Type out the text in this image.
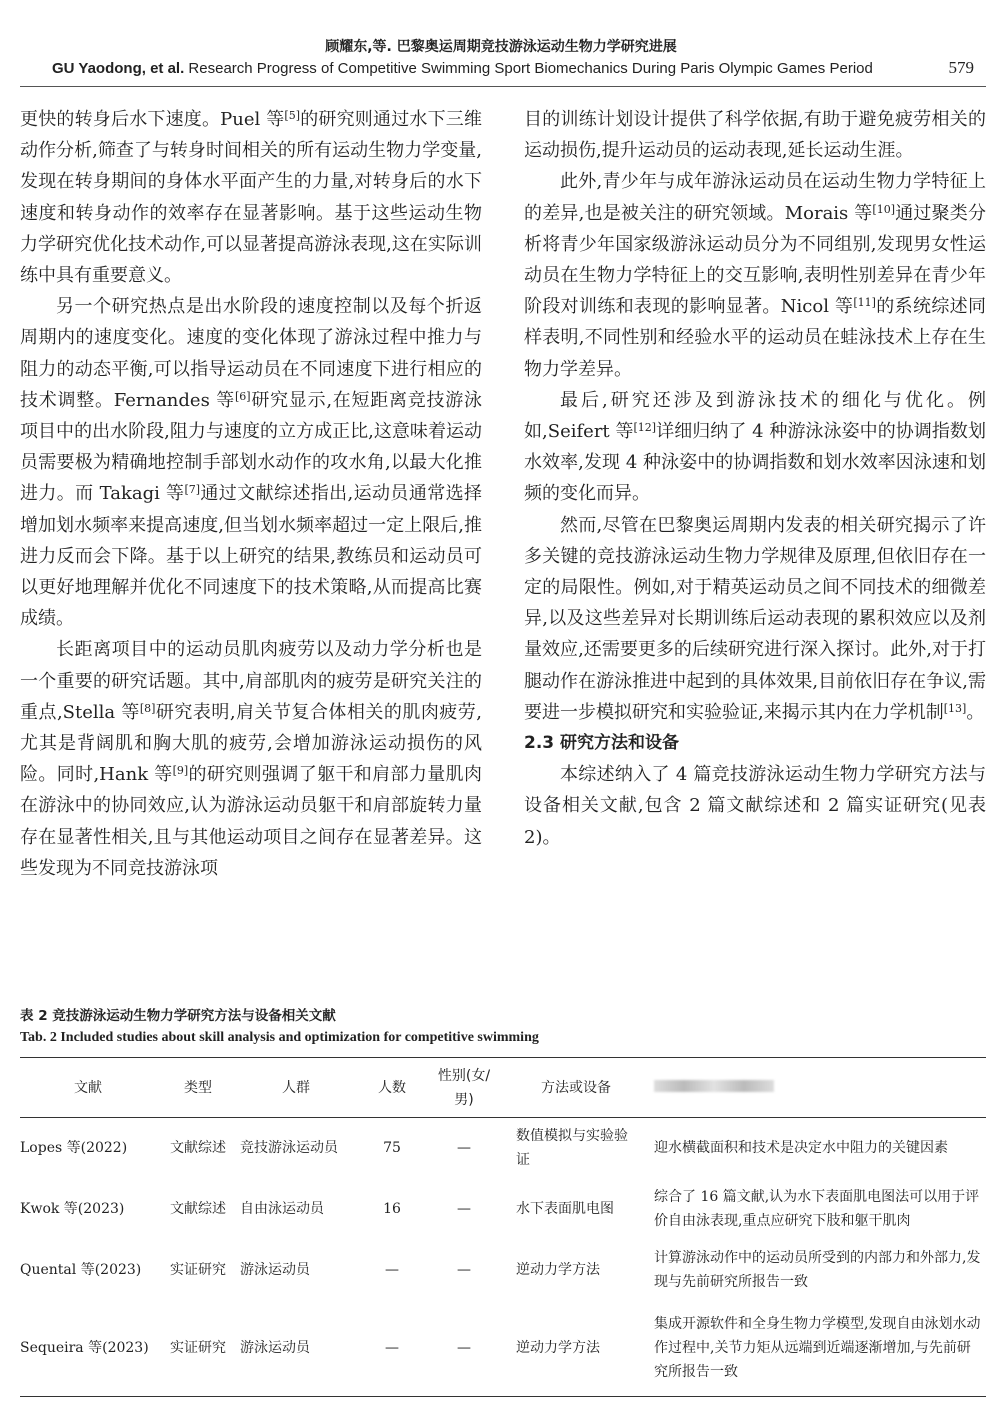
顾耀东,等. 巴黎奥运周期竞技游泳运动生物力学研究进展
GU Yaodong, et al. Research Progress of Competitive Swimming Sport Biomechanics During Paris Olympic Games Period	579

更快的转身后水下速度。Puel 等[5]的研究则通过水下三维动作分析,筛查了与转身时间相关的所有运动生物力学变量,发现在转身期间的身体水平面产生的力量,对转身后的水下速度和转身动作的效率存在显著影响。基于这些运动生物力学研究优化技术动作,可以显著提高游泳表现,这在实际训练中具有重要意义。

另一个研究热点是出水阶段的速度控制以及每个折返周期内的速度变化。速度的变化体现了游泳过程中推力与阻力的动态平衡,可以指导运动员在不同速度下进行相应的技术调整。Fernandes 等[6]研究显示,在短距离竞技游泳项目中的出水阶段,阻力与速度的立方成正比,这意味着运动员需要极为精确地控制手部划水动作的攻水角,以最大化推进力。而 Takagi 等[7]通过文献综述指出,运动员通常选择增加划水频率来提高速度,但当划水频率超过一定上限后,推进力反而会下降。基于以上研究的结果,教练员和运动员可以更好地理解并优化不同速度下的技术策略,从而提高比赛成绩。

长距离项目中的运动员肌肉疲劳以及动力学分析也是一个重要的研究话题。其中,肩部肌肉的疲劳是研究关注的重点,Stella 等[8]研究表明,肩关节复合体相关的肌肉疲劳,尤其是背阔肌和胸大肌的疲劳,会增加游泳运动损伤的风险。同时,Hank 等[9]的研究则强调了躯干和肩部力量肌肉在游泳中的协同效应,认为游泳运动员躯干和肩部旋转力量存在显著性相关,且与其他运动项目之间存在显著差异。这些发现为不同竞技游泳项

目的训练计划设计提供了科学依据,有助于避免疲劳相关的运动损伤,提升运动员的运动表现,延长运动生涯。

此外,青少年与成年游泳运动员在运动生物力学特征上的差异,也是被关注的研究领域。Morais 等[10]通过聚类分析将青少年国家级游泳运动员分为不同组别,发现男女性运动员在生物力学特征上的交互影响,表明性别差异在青少年阶段对训练和表现的影响显著。Nicol 等[11]的系统综述同样表明,不同性别和经验水平的运动员在蛙泳技术上存在生物力学差异。

最后,研究还涉及到游泳技术的细化与优化。例如,Seifert 等[12]详细归纳了 4 种游泳泳姿中的协调指数划水效率,发现 4 种泳姿中的协调指数和划水效率因泳速和划频的变化而异。

然而,尽管在巴黎奥运周期内发表的相关研究揭示了许多关键的竞技游泳运动生物力学规律及原理,但依旧存在一定的局限性。例如,对于精英运动员之间不同技术的细微差异,以及这些差异对长期训练后运动表现的累积效应以及剂量效应,还需要更多的后续研究进行深入探讨。此外,对于打腿动作在游泳推进中起到的具体效果,目前依旧存在争议,需要进一步模拟研究和实验验证,来揭示其内在力学机制[13]。

2.3 研究方法和设备

本综述纳入了 4 篇竞技游泳运动生物力学研究方法与设备相关文献,包含 2 篇文献综述和 2 篇实证研究(见表 2)。

表 2 竞技游泳运动生物力学研究方法与设备相关文献
Tab. 2 Included studies about skill analysis and optimization for competitive swimming
文献	类型	人群	人数	性别(女/男)	方法或设备	
Lopes 等(2022)	文献综述	竞技游泳运动员	75	—	数值模拟与实验验证	迎水横截面积和技术是决定水中阻力的关键因素
Kwok 等(2023)	文献综述	自由泳运动员	16	—	水下表面肌电图	综合了 16 篇文献,认为水下表面肌电图法可以用于评价自由泳表现,重点应研究下肢和躯干肌肉
Quental 等(2023)	实证研究	游泳运动员	—	—	逆动力学方法	计算游泳动作中的运动员所受到的内部力和外部力,发现与先前研究所报告一致
Sequeira 等(2023)	实证研究	游泳运动员	—	—	逆动力学方法	集成开源软件和全身生物力学模型,发现自由泳划水动作过程中,关节力矩从远端到近端逐渐增加,与先前研究所报告一致
